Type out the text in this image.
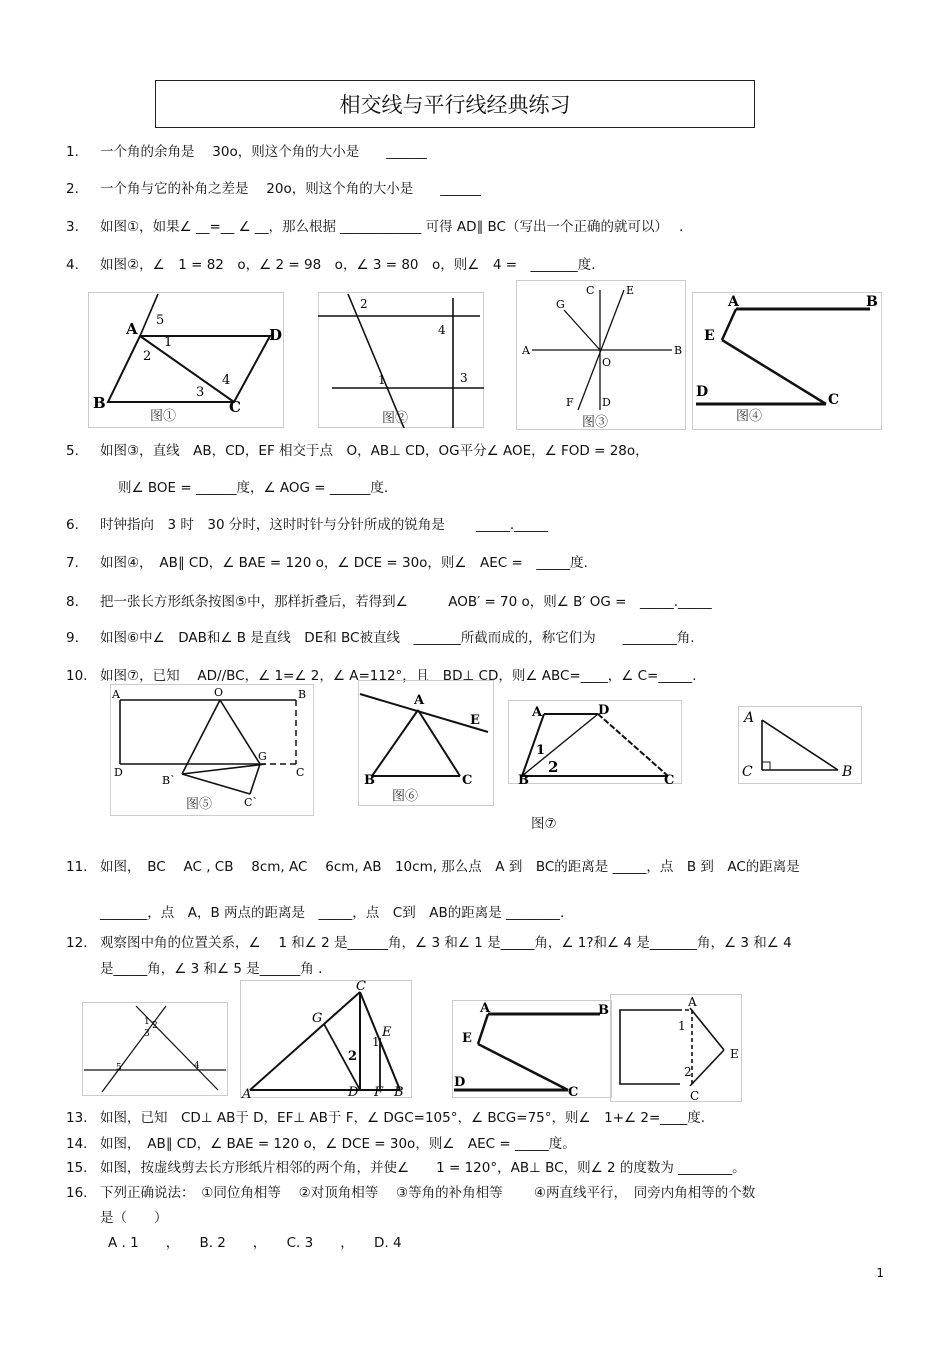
相交线与平行线经典练习
1. 一个角的余角是　 30o，则这个角的大小是　　______
2. 一个角与它的补角之差是　 20o，则这个角的大小是　　______
3. 如图①，如果∠ __=__ ∠ __，那么根据 ____________ 可得 AD∥ BC（写出一个正确的就可以）　 .
4. 如图②，∠　1 = 82　o，∠ 2 = 98　o，∠ 3 = 80　o，则∠　4 =　_______度.
A
B	C
D
5
1
2
3
4
图①
2
4
1	3
图②
A	B
C
D
E
F
G
O
图③
A	B
E
D	C
图④
5. 如图③，直线　AB，CD，EF 相交于点　O，AB⊥ CD，OG平分∠ AOE，∠ FOD = 28o，
则∠ BOE = ______度，∠ AOG = ______度.
6. 时钟指向　3 时　30 分时，这时时针与分针所成的锐角是　　 _____._____
7. 如图④，　AB∥ CD，∠ BAE = 120 o，∠ DCE = 30o，则∠　AEC =　_____度.
8. 把一张长方形纸条按图⑤中，那样折叠后，若得到∠　　　AOB′ = 70 o，则∠ B′ OG =　_____._____
9. 如图⑥中∠　DAB和∠ B 是直线　DE和 BC被直线　_______所截而成的，称它们为　　________角.
10. 如图⑦，已知　 AD//BC，∠ 1=∠ 2，∠ A=112°，且　BD⊥ CD，则∠ ABC=____，∠ C=_____.
A	B
O
D	C
G
B`
C`
图⑤
A
B	C
E
图⑥
A	D
B	C
1
2
图⑦
A
C	B
11. 如图，　BC　 AC , CB　 8cm, AC　 6cm, AB　10cm, 那么点　A 到　BC的距离是 _____，点　B 到　AC的距离是
_______，点　A，B 两点的距离是　_____，点　C到　AB的距离是 ________.
12. 观察图中角的位置关系，∠　 1 和∠ 2 是______角，∠ 3 和∠ 1 是_____角，∠ 1?和∠ 4 是_______角，∠ 3 和∠ 4
是_____角，∠ 3 和∠ 5 是______角 .
1 2
3
5	4
C
G
E
A	D F B
2
1
A	B
E
D
C
A
1
E
2
C
13. 如图，已知　CD⊥ AB于 D，EF⊥ AB于 F，∠ DGC=105°，∠ BCG=75°，则∠　1+∠ 2=____度.
14. 如图，　AB∥ CD，∠ BAE = 120 o，∠ DCE = 30o，则∠　AEC = _____度。
15. 如图，按虚线剪去长方形纸片相邻的两个角，并使∠　　1 = 120°，AB⊥ BC，则∠ 2 的度数为 ________。
16. 下列正确说法：　①同位角相等　 ②对顶角相等　 ③等角的补角相等　　 ④两直线平行，　同旁内角相等的个数
是（　　）
A . 1　　，　　B. 2　　，　　C. 3　　，　　D. 4
1
